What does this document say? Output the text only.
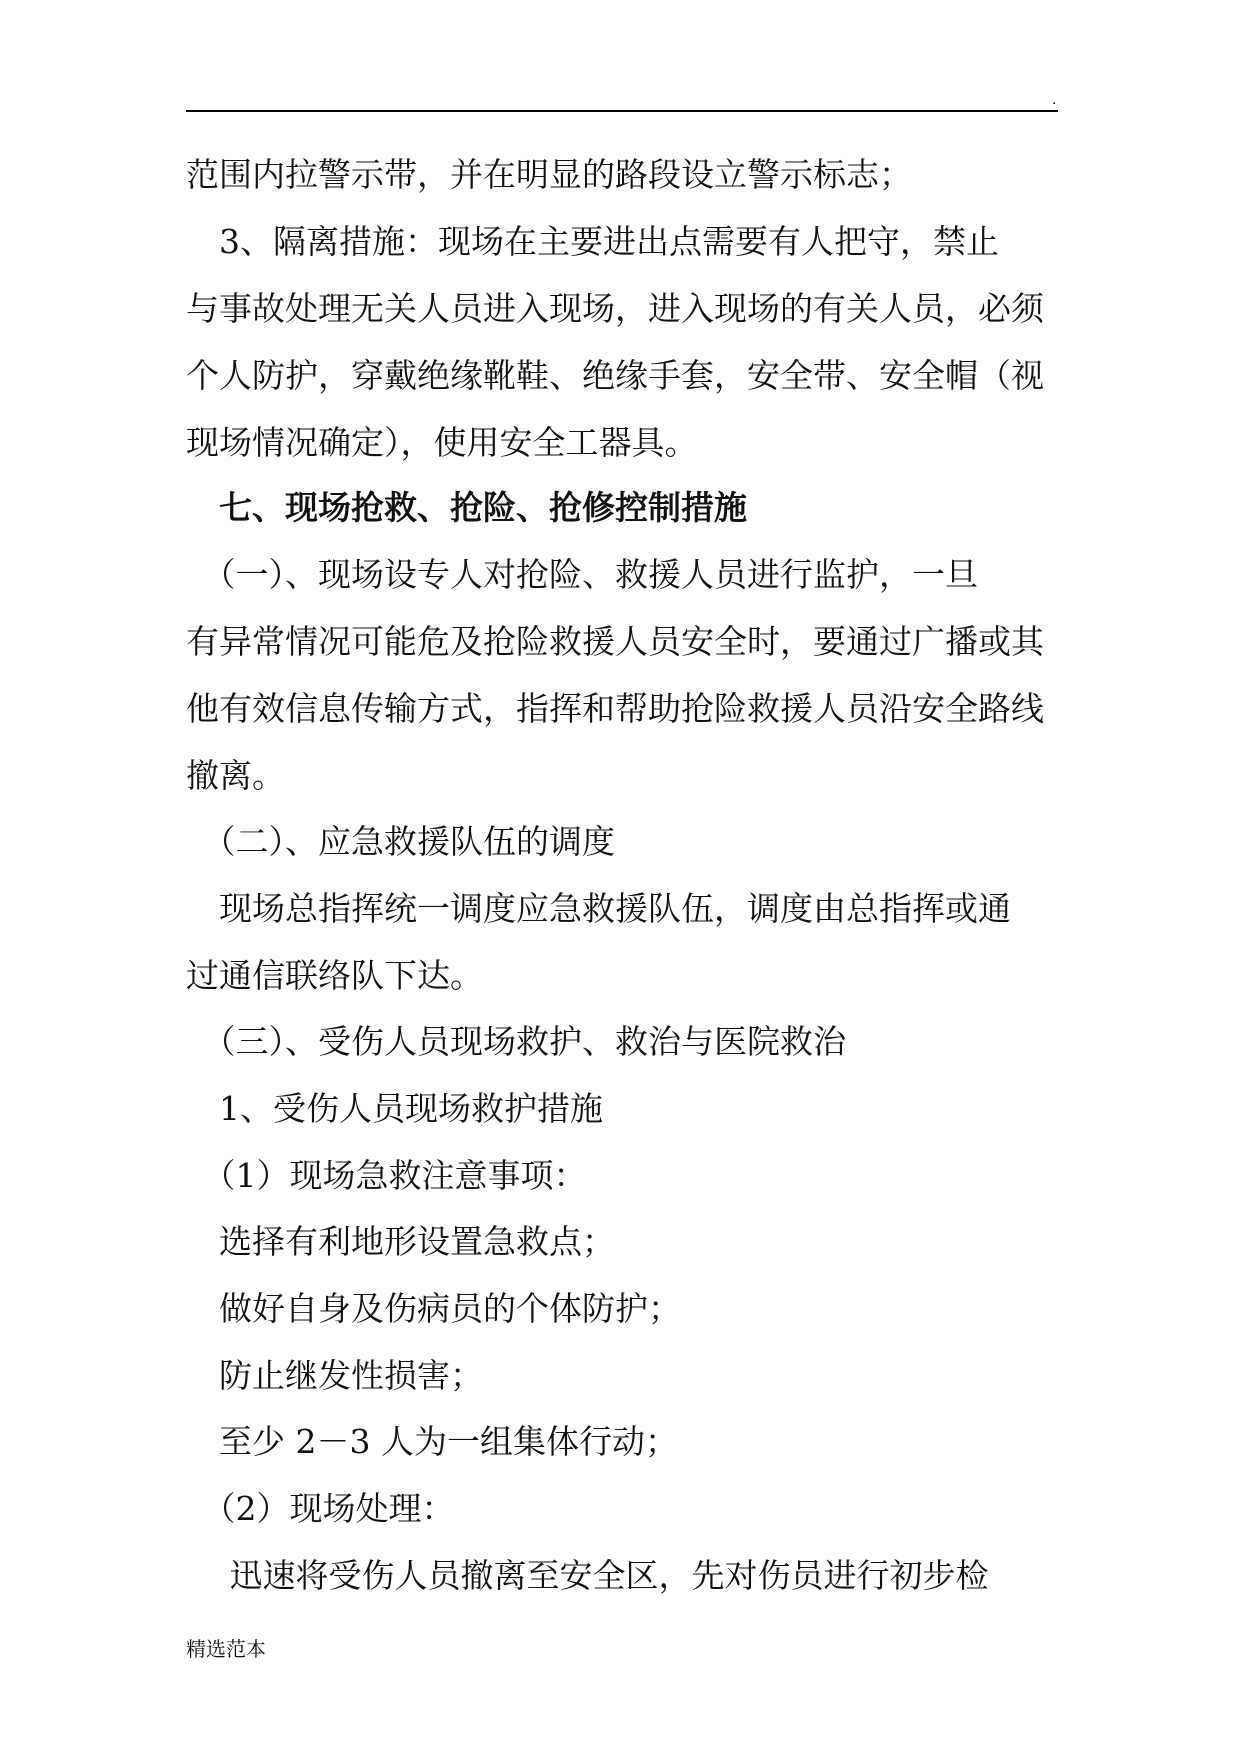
.
范围内拉警示带，并在明显的路段设立警示标志；
　3、隔离措施：现场在主要进出点需要有人把守，禁止
与事故处理无关人员进入现场，进入现场的有关人员，必须
个人防护，穿戴绝缘靴鞋、绝缘手套，安全带、安全帽（视
现场情况确定），使用安全工器具。
　七、现场抢救、抢险、抢修控制措施
　（一）、现场设专人对抢险、救援人员进行监护，一旦
有异常情况可能危及抢险救援人员安全时，要通过广播或其
他有效信息传输方式，指挥和帮助抢险救援人员沿安全路线
撤离。
　（二）、应急救援队伍的调度
　现场总指挥统一调度应急救援队伍，调度由总指挥或通
过通信联络队下达。
　（三）、受伤人员现场救护、救治与医院救治
　1、受伤人员现场救护措施
　（1）现场急救注意事项：
　选择有利地形设置急救点；
　做好自身及伤病员的个体防护；
　防止继发性损害；
　至少 2－3 人为一组集体行动；
　（2）现场处理：
　 迅速将受伤人员撤离至安全区，先对伤员进行初步检
精选范本
